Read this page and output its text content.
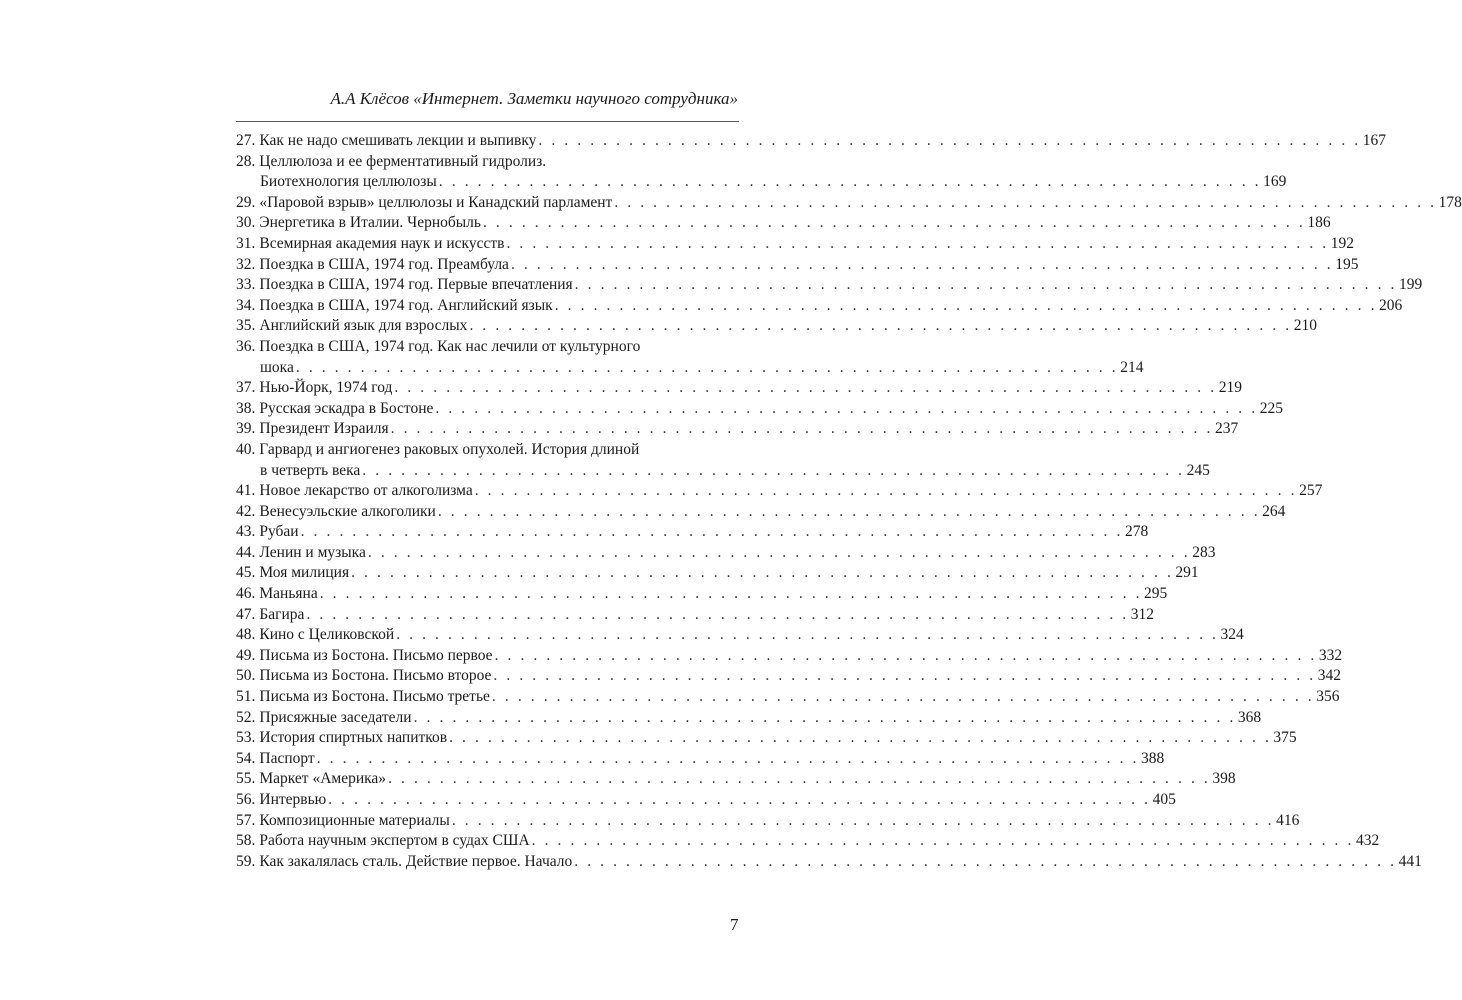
А.А Клёсов «Интернет. Заметки научного сотрудника»
27. Как не надо смешивать лекции и выпивку . . . . . . . . . . . . . . . . . . . . . . . . . . . . . . . . . . . . . . . . . . . . . . . . . . . . . . . . . . . . . . . . 167
28. Целлюлоза и ее ферментативный гидролиз.
Биотехнология целлюлозы . . . . . . . . . . . . . . . . . . . . . . . . . . . . . . . . . . . . . . . . . . . . . . . . . . . . . . . . . . . . . . . . 169
29. «Паровой взрыв» целлюлозы и Канадский парламент . . . . . . . . . . . . . . . . . . . . . . . . . . . . . . . . . . . . . . . . . . . . . . . . . . . . . . . . . . . . . . . . 178
30. Энергетика в Италии. Чернобыль . . . . . . . . . . . . . . . . . . . . . . . . . . . . . . . . . . . . . . . . . . . . . . . . . . . . . . . . . . . . . . . . 186
31. Всемирная академия наук и искусств . . . . . . . . . . . . . . . . . . . . . . . . . . . . . . . . . . . . . . . . . . . . . . . . . . . . . . . . . . . . . . . . 192
32. Поездка в США, 1974 год. Преамбула . . . . . . . . . . . . . . . . . . . . . . . . . . . . . . . . . . . . . . . . . . . . . . . . . . . . . . . . . . . . . . . . 195
33. Поездка в США, 1974 год. Первые впечатления . . . . . . . . . . . . . . . . . . . . . . . . . . . . . . . . . . . . . . . . . . . . . . . . . . . . . . . . . . . . . . . . 199
34. Поездка в США, 1974 год. Английский язык . . . . . . . . . . . . . . . . . . . . . . . . . . . . . . . . . . . . . . . . . . . . . . . . . . . . . . . . . . . . . . . . 206
35. Английский язык для взрослых . . . . . . . . . . . . . . . . . . . . . . . . . . . . . . . . . . . . . . . . . . . . . . . . . . . . . . . . . . . . . . . . 210
36. Поездка в США, 1974 год. Как нас лечили от культурного
шока . . . . . . . . . . . . . . . . . . . . . . . . . . . . . . . . . . . . . . . . . . . . . . . . . . . . . . . . . . . . . . . . 214
37. Нью-Йорк, 1974 год . . . . . . . . . . . . . . . . . . . . . . . . . . . . . . . . . . . . . . . . . . . . . . . . . . . . . . . . . . . . . . . . 219
38. Русская эскадра в Бостоне . . . . . . . . . . . . . . . . . . . . . . . . . . . . . . . . . . . . . . . . . . . . . . . . . . . . . . . . . . . . . . . . 225
39. Президент Израиля . . . . . . . . . . . . . . . . . . . . . . . . . . . . . . . . . . . . . . . . . . . . . . . . . . . . . . . . . . . . . . . . 237
40. Гарвард и ангиогенез раковых опухолей. История длиной
в четверть века . . . . . . . . . . . . . . . . . . . . . . . . . . . . . . . . . . . . . . . . . . . . . . . . . . . . . . . . . . . . . . . . 245
41. Новое лекарство от алкоголизма . . . . . . . . . . . . . . . . . . . . . . . . . . . . . . . . . . . . . . . . . . . . . . . . . . . . . . . . . . . . . . . . 257
42. Венесуэльские алкоголики . . . . . . . . . . . . . . . . . . . . . . . . . . . . . . . . . . . . . . . . . . . . . . . . . . . . . . . . . . . . . . . . 264
43. Рубаи . . . . . . . . . . . . . . . . . . . . . . . . . . . . . . . . . . . . . . . . . . . . . . . . . . . . . . . . . . . . . . . . 278
44. Ленин и музыка . . . . . . . . . . . . . . . . . . . . . . . . . . . . . . . . . . . . . . . . . . . . . . . . . . . . . . . . . . . . . . . . 283
45. Моя милиция . . . . . . . . . . . . . . . . . . . . . . . . . . . . . . . . . . . . . . . . . . . . . . . . . . . . . . . . . . . . . . . . 291
46. Маньяна . . . . . . . . . . . . . . . . . . . . . . . . . . . . . . . . . . . . . . . . . . . . . . . . . . . . . . . . . . . . . . . . 295
47. Багира . . . . . . . . . . . . . . . . . . . . . . . . . . . . . . . . . . . . . . . . . . . . . . . . . . . . . . . . . . . . . . . . 312
48. Кино с Целиковской . . . . . . . . . . . . . . . . . . . . . . . . . . . . . . . . . . . . . . . . . . . . . . . . . . . . . . . . . . . . . . . . 324
49. Письма из Бостона. Письмо первое . . . . . . . . . . . . . . . . . . . . . . . . . . . . . . . . . . . . . . . . . . . . . . . . . . . . . . . . . . . . . . . . 332
50. Письма из Бостона. Письмо второе . . . . . . . . . . . . . . . . . . . . . . . . . . . . . . . . . . . . . . . . . . . . . . . . . . . . . . . . . . . . . . . . 342
51. Письма из Бостона. Письмо третье . . . . . . . . . . . . . . . . . . . . . . . . . . . . . . . . . . . . . . . . . . . . . . . . . . . . . . . . . . . . . . . . 356
52. Присяжные заседатели . . . . . . . . . . . . . . . . . . . . . . . . . . . . . . . . . . . . . . . . . . . . . . . . . . . . . . . . . . . . . . . . 368
53. История спиртных напитков . . . . . . . . . . . . . . . . . . . . . . . . . . . . . . . . . . . . . . . . . . . . . . . . . . . . . . . . . . . . . . . . 375
54. Паспорт . . . . . . . . . . . . . . . . . . . . . . . . . . . . . . . . . . . . . . . . . . . . . . . . . . . . . . . . . . . . . . . . 388
55. Маркет «Америка» . . . . . . . . . . . . . . . . . . . . . . . . . . . . . . . . . . . . . . . . . . . . . . . . . . . . . . . . . . . . . . . . 398
56. Интервью . . . . . . . . . . . . . . . . . . . . . . . . . . . . . . . . . . . . . . . . . . . . . . . . . . . . . . . . . . . . . . . . 405
57. Композиционные материалы . . . . . . . . . . . . . . . . . . . . . . . . . . . . . . . . . . . . . . . . . . . . . . . . . . . . . . . . . . . . . . . . 416
58. Работа научным экспертом в судах США . . . . . . . . . . . . . . . . . . . . . . . . . . . . . . . . . . . . . . . . . . . . . . . . . . . . . . . . . . . . . . . . 432
59. Как закалялась сталь. Действие первое. Начало . . . . . . . . . . . . . . . . . . . . . . . . . . . . . . . . . . . . . . . . . . . . . . . . . . . . . . . . . . . . . . . . 441
7
